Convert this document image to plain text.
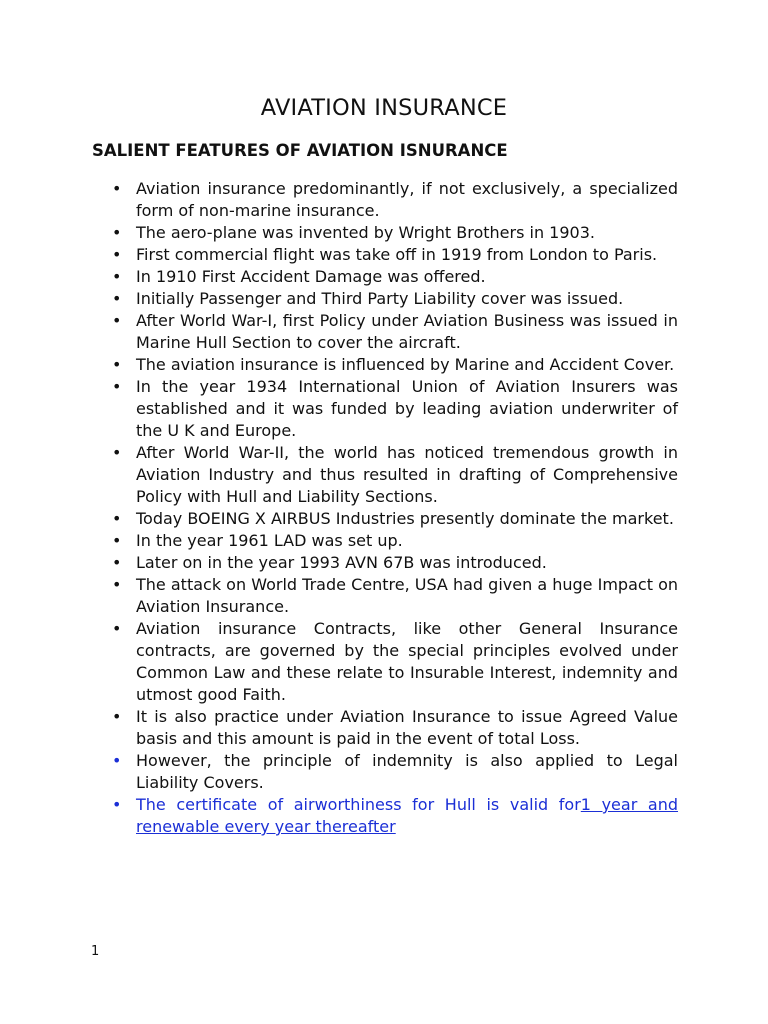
AVIATION INSURANCE
SALIENT FEATURES OF AVIATION ISNURANCE
• Aviation insurance predominantly, if not exclusively, a specialized form of non-marine insurance.
• The aero-plane was invented by Wright Brothers in 1903.
• First commercial flight was take off in 1919 from London to Paris.
• In 1910 First Accident Damage was offered.
• Initially Passenger and Third Party Liability cover was issued.
• After World War-I, first Policy under Aviation Business was issued in Marine Hull Section to cover the aircraft.
• The aviation insurance is influenced by Marine and Accident Cover.
• In the year 1934 International Union of Aviation Insurers was established and it was funded by leading aviation underwriter of the U K and Europe.
• After World War-II, the world has noticed tremendous growth in Aviation Industry and thus resulted in drafting of Comprehensive Policy with Hull and Liability Sections.
• Today BOEING X AIRBUS Industries presently dominate the market.
• In the year 1961 LAD was set up.
• Later on in the year 1993 AVN 67B was introduced.
• The attack on World Trade Centre, USA had given a huge Impact on Aviation Insurance.
• Aviation insurance Contracts, like other General Insurance contracts, are governed by the special principles evolved under Common Law and these relate to Insurable Interest, indemnity and utmost good Faith.
• It is also practice under Aviation Insurance to issue Agreed Value basis and this amount is paid in the event of total Loss.
• However, the principle of indemnity is also applied to Legal Liability Covers.
• The certificate of airworthiness for Hull is valid for1 year and renewable every year thereafter
1
